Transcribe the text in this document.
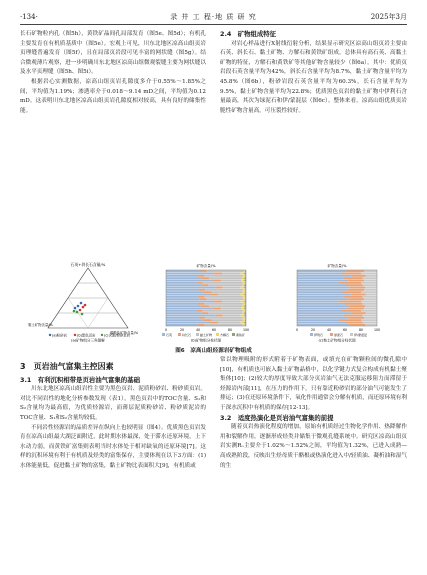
·134·	录 井 工 程·地 质 研 究	2025年3月

长石矿物粒内孔（图5h），黄铁矿晶间孔局部发育（图5e、图5d）；有机孔主要发育在有机质基质中（图5e）。宏观上可见，川东北地区凉高山组页岩页理缝普遍发育（图5f），且在局部页岩段可见丰富的网状缝（图5g）。结合微观薄片观察，进一步明确川东北地区凉高山组微观裂缝主要为网状缝以及水平页理缝（图5h、图5i）。

根据岩心实测数据，凉高山组页岩孔隙度多介于0.55%～1.85%之间，平均值为1.19%；渗透率介于0.018～9.14 mD之间，平均值为0.12 mD。这表明川东北地区凉高山组页岩孔隙度相对较高，具有良好的储集性能。

2.4　矿物组成特征

对岩心样品进行X射线衍射分析，结果显示研究区凉高山组页岩主要由石英、斜长石、黏土矿物、方解石和黄铁矿组成。总体具有高石英、高黏土矿物的特征，方解石和黄铁矿等其他矿物含量较少（图6a）。其中：优质页岩段石英含量平均为42%，斜长石含量平均为8.7%，黏土矿物含量平均为45.8%（图6b），粉砂岩段石英含量平均为60.3%，长石含量平均为9.5%，黏土矿物含量平均为22.8%；优质黑色页岩的黏土矿物中伊利石含量最高，其次为绿泥石和伊/蒙混层（图6c）。整体来看，凉高山组优质页岩脆性矿物含量高，可压裂性较好。

石英+斜长石含量/%
黏土矿物含量/%
碳酸盐矿物含量/%
(a)粉砂岩	(b)黑色页岩	(c)含泥/粉砂页岩
(a)矿物组分三角图解
矿物含量/%
0	20	40	60	80	100
石英	斜长石	黏土矿物	方解石 黄铁矿
(b)矿物组分柱状图
矿物含量/%
0	20	40	60	80	100
伊利石	绿泥石	伊/蒙混层
(c)黏土矿物组分柱状图
图6　凉高山组烃源岩矿物组成

3　页岩油气富集主控因素

3.1　有利沉积相带是页岩油气富集的基础

川东北地区凉高山组岩性主要为黑色页岩、泥质粉砂岩、粉砂质页岩。对比不同岩性的地化分析参数发现（表1），黑色页岩中的TOC含量、S₁和S₂含量均为最高值，为优质烃源岩，而薄层泥质粉砂岩、粉砂质泥岩的TOC含量、S₁和S₂含量均较低。

不同岩性烃源岩的品质差异在纵向上也较明显（图4）。优质黑色页岩发育在凉高山组最大湖泛面附近，此时期水体最深，处于滞水还原环境，上下水动力弱，而黄铁矿富集则表明当时水体处于相对缺氧的还原环境[7]。这样的沉积环境有利于有机质及烃类的富集保存，主要体现在以下3方面：(1)水体能量低，促进黏土矿物的富集，黏土矿物比表面积大[9]，有机质或

常以物理吸附的形式附着于矿物表面，或填充在矿物颗粒间的微孔隙中[10]，有机质也可嵌入黏土矿物晶格中，以化学键力式复合构成有机黏土聚集体[10]；(2)较大的厚度导致大部分页岩油气无法克服运移阻力而滞留于烃源岩内部[11]，在压力的作用下，只有靠近粉砂岩的部分油气可能发生了排运；(3)在还原环境条件下，氧化作用通常会分解有机质，而还原环境有利于深水沉积中有机质的保存[12-13]。

3.2　适度热演化是页岩油气富集的前提

随着页岩热演化程度的增加，原始有机质经过生物化学作用、热降解作用和裂解作用，逐渐形成烃类并储集于微观孔缝系统中。研究区凉高山组页岩实测Rₒ主要介于1.02%～1.52%之间，平均值为1.32%，已进入成熟—高成熟阶段，反映出生烃母质干酪根或热演化进入中/轻质油、凝析油和湿气的生
